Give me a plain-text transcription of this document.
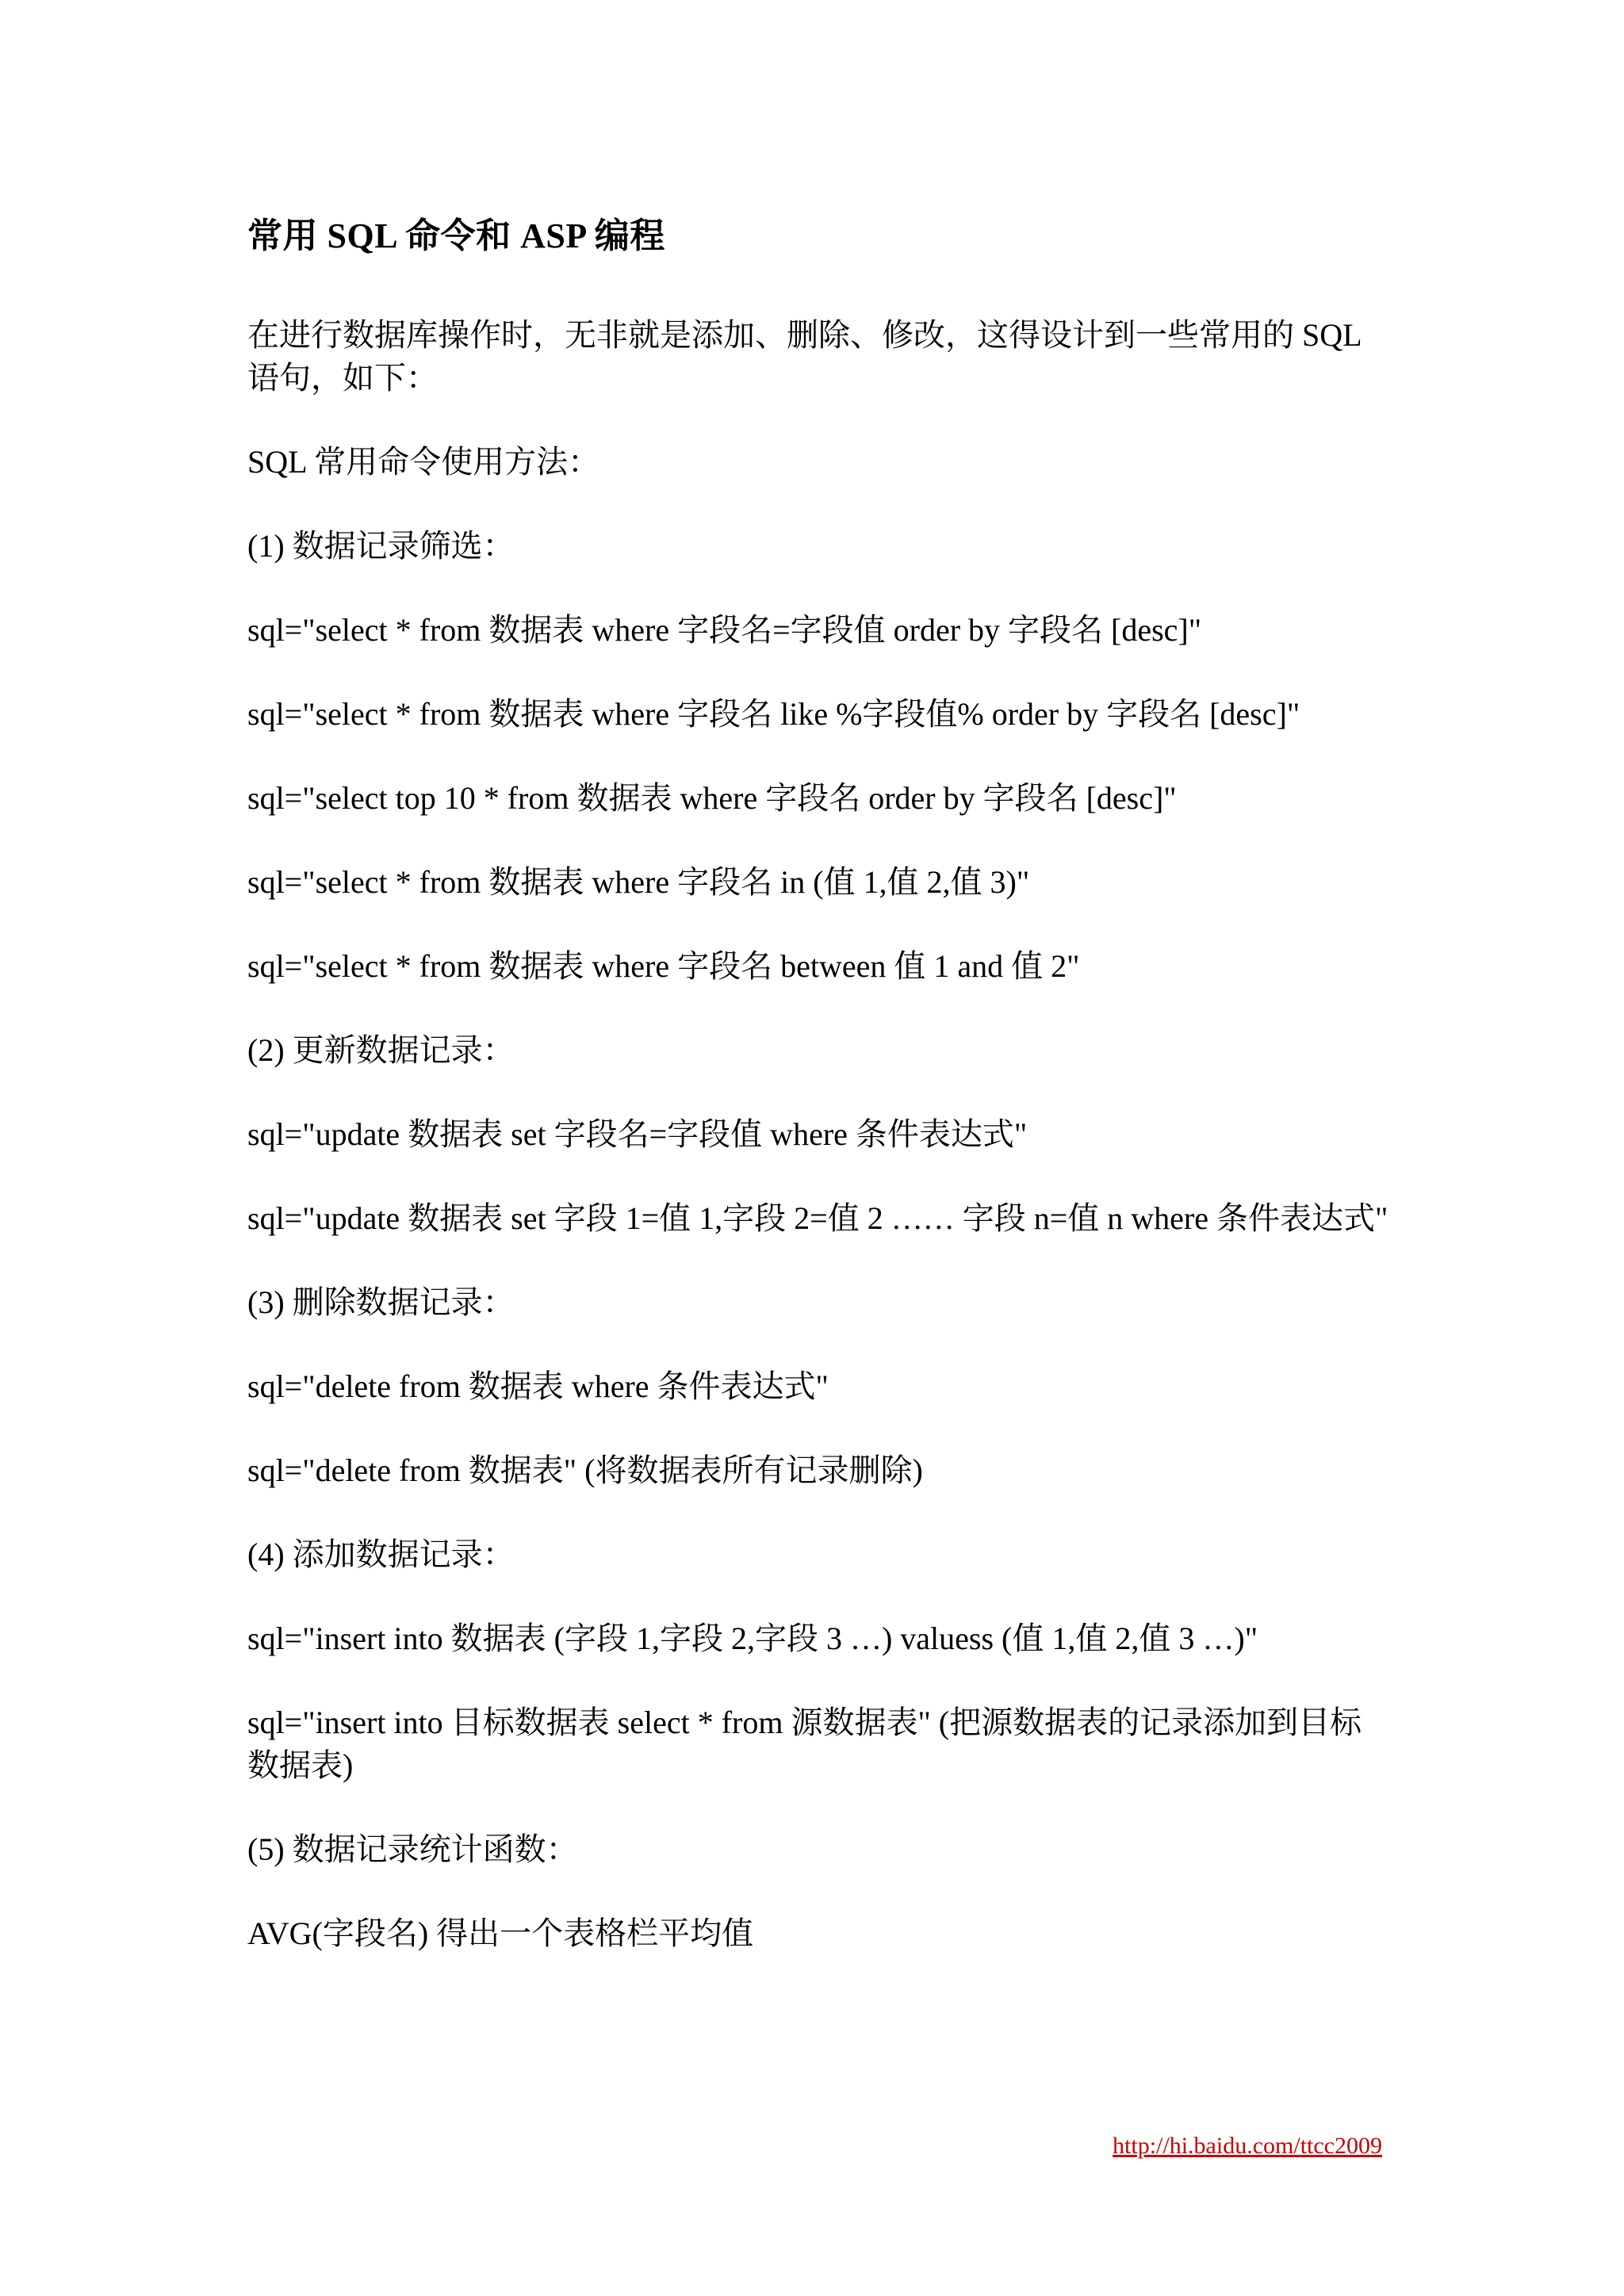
常用 SQL 命令和 ASP 编程

在进行数据库操作时，无非就是添加、删除、修改，这得设计到一些常用的 SQL 语句，如下：

SQL 常用命令使用方法：

(1) 数据记录筛选：

sql="select * from 数据表 where 字段名=字段值 order by 字段名 [desc]"

sql="select * from 数据表 where 字段名 like %字段值% order by 字段名 [desc]"

sql="select top 10 * from 数据表 where 字段名 order by 字段名 [desc]"

sql="select * from 数据表 where 字段名 in (值 1,值 2,值 3)"

sql="select * from 数据表 where 字段名 between 值 1 and 值 2"

(2) 更新数据记录：

sql="update 数据表 set 字段名=字段值 where 条件表达式"

sql="update 数据表 set 字段 1=值 1,字段 2=值 2 …… 字段 n=值 n where 条件表达式"

(3) 删除数据记录：

sql="delete from 数据表 where 条件表达式"

sql="delete from 数据表" (将数据表所有记录删除)

(4) 添加数据记录：

sql="insert into 数据表 (字段 1,字段 2,字段 3 …) valuess (值 1,值 2,值 3 …)"

sql="insert into 目标数据表 select * from 源数据表" (把源数据表的记录添加到目标数据表)

(5) 数据记录统计函数：

AVG(字段名) 得出一个表格栏平均值

http://hi.baidu.com/ttcc2009
